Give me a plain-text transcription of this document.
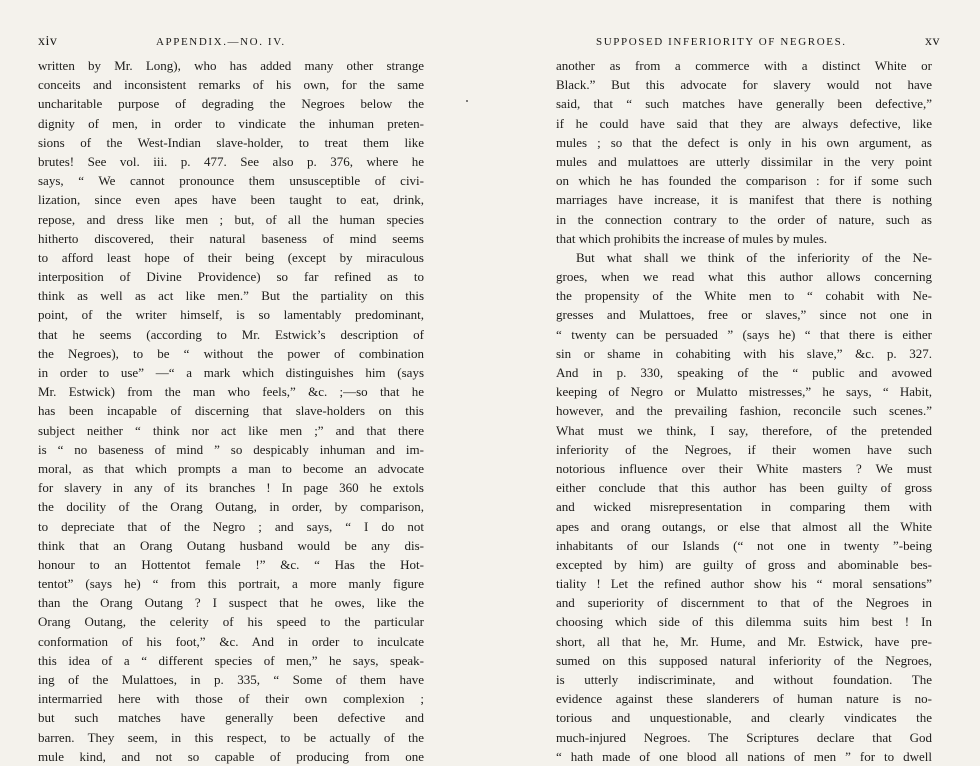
xiv	APPENDIX.—NO. IV.
written by Mr. Long), who has added many other strange
conceits and inconsistent remarks of his own, for the same
uncharitable purpose of degrading the Negroes below the
dignity of men, in order to vindicate the inhuman preten-
sions of the West-Indian slave-holder, to treat them like
brutes! See vol. iii. p. 477. See also p. 376, where he
says, “ We cannot pronounce them unsusceptible of civi-
lization, since even apes have been taught to eat, drink,
repose, and dress like men ; but, of all the human species
hitherto discovered, their natural baseness of mind seems
to afford least hope of their being (except by miraculous
interposition of Divine Providence) so far refined as to
think as well as act like men.” But the partiality on this
point, of the writer himself, is so lamentably predominant,
that he seems (according to Mr. Estwick’s description of
the Negroes), to be “ without the power of combination
in order to use” —“ a mark which distinguishes him (says
Mr. Estwick) from the man who feels,” &c. ;—so that he
has been incapable of discerning that slave-holders on this
subject neither “ think nor act like men ;” and that there
is “ no baseness of mind ” so despicably inhuman and im-
moral, as that which prompts a man to become an advocate
for slavery in any of its branches ! In page 360 he extols
the docility of the Orang Outang, in order, by comparison,
to depreciate that of the Negro ; and says, “ I do not
think that an Orang Outang husband would be any dis-
honour to an Hottentot female !” &c. “ Has the Hot-
tentot” (says he) “ from this portrait, a more manly figure
than the Orang Outang ? I suspect that he owes, like the
Orang Outang, the celerity of his speed to the particular
conformation of his foot,” &c. And in order to inculcate
this idea of a “ different species of men,” he says, speak-
ing of the Mulattoes, in p. 335, “ Some of them have
intermarried here with those of their own complexion ;
but such matches have generally been defective and
barren. They seem, in this respect, to be actually of the
mule kind, and not so capable of producing from one
SUPPOSED INFERIORITY OF NEGROES.	xv
another as from a commerce with a distinct White or
Black.” But this advocate for slavery would not have
said, that “ such matches have generally been defective,”
if he could have said that they are always defective, like
mules ; so that the defect is only in his own argument, as
mules and mulattoes are utterly dissimilar in the very point
on which he has founded the comparison : for if some such
marriages have increase, it is manifest that there is nothing
in the connection contrary to the order of nature, such as
that which prohibits the increase of mules by mules.
But what shall we think of the inferiority of the Ne-
groes, when we read what this author allows concerning
the propensity of the White men to “ cohabit with Ne-
gresses and Mulattoes, free or slaves,” since not one in
“ twenty can be persuaded ” (says he) “ that there is either
sin or shame in cohabiting with his slave,” &c. p. 327.
And in p. 330, speaking of the “ public and avowed
keeping of Negro or Mulatto mistresses,” he says, “ Habit,
however, and the prevailing fashion, reconcile such scenes.”
What must we think, I say, therefore, of the pretended
inferiority of the Negroes, if their women have such
notorious influence over their White masters ? We must
either conclude that this author has been guilty of gross
and wicked misrepresentation in comparing them with
apes and orang outangs, or else that almost all the White
inhabitants of our Islands (“ not one in twenty ”-being
excepted by him) are guilty of gross and abominable bes-
tiality ! Let the refined author show his “ moral sensations”
and superiority of discernment to that of the Negroes in
choosing which side of this dilemma suits him best ! In
short, all that he, Mr. Hume, and Mr. Estwick, have pre-
sumed on this supposed natural inferiority of the Negroes,
is utterly indiscriminate, and without foundation. The
evidence against these slanderers of human nature is no-
torious and unquestionable, and clearly vindicates the
much-injured Negroes. The Scriptures declare that God
“ hath made of one blood all nations of men ” for to dwell
